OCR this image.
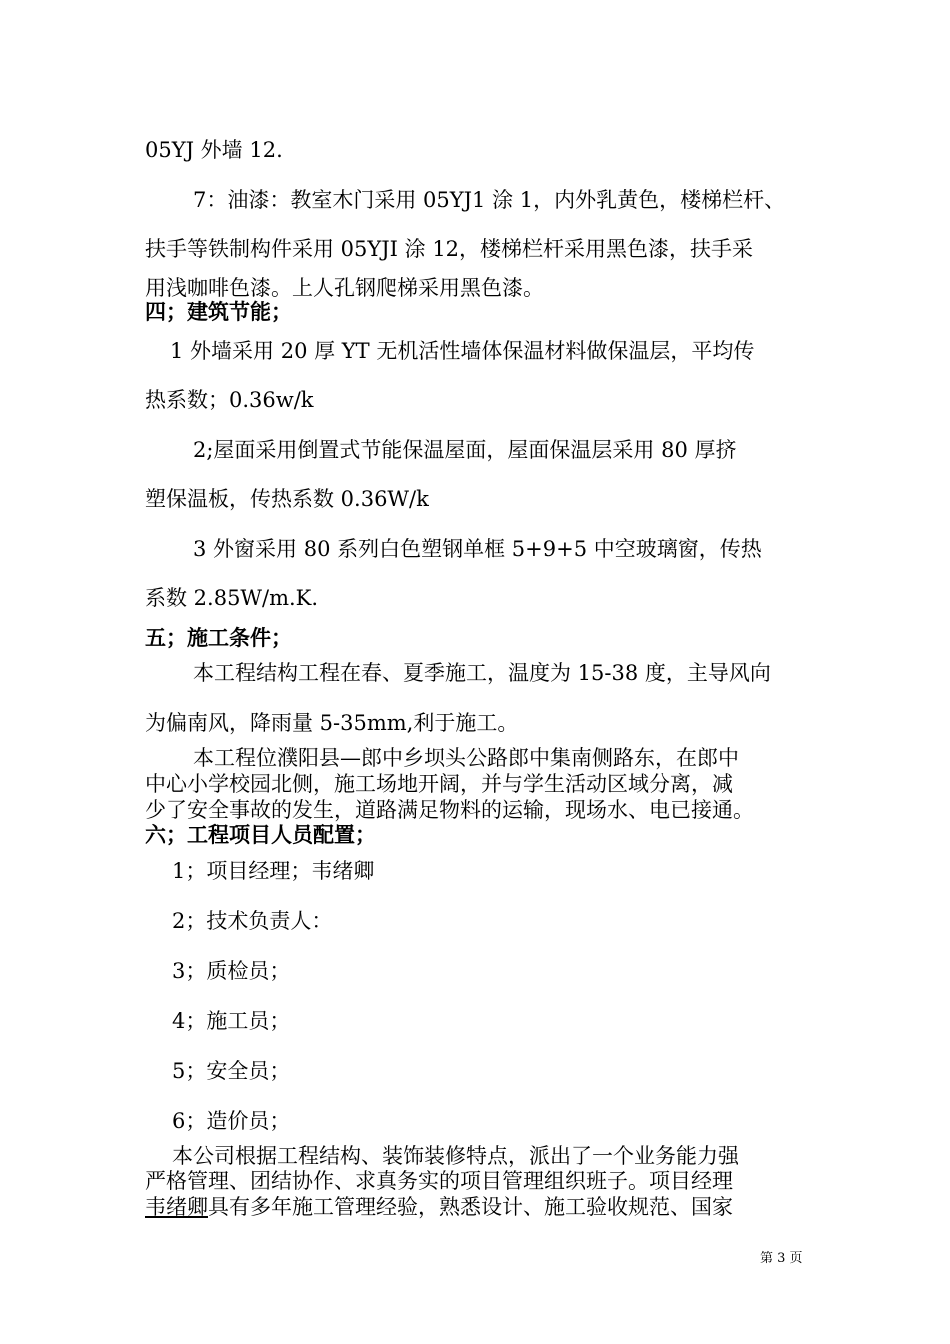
05YJ 外墙 12.
7：油漆：教室木门采用 05YJ1 涂 1，内外乳黄色，楼梯栏杆、
扶手等铁制构件采用 05YJI 涂 12，楼梯栏杆采用黑色漆，扶手采
用浅咖啡色漆。上人孔钢爬梯采用黑色漆。
四；建筑节能；
1 外墙采用 20 厚 YT 无机活性墙体保温材料做保温层，平均传
热系数；0.36w/k
2;屋面采用倒置式节能保温屋面，屋面保温层采用 80 厚挤
塑保温板，传热系数 0.36W/k
3 外窗采用 80 系列白色塑钢单框 5+9+5 中空玻璃窗，传热
系数 2.85W/m.K.
五；施工条件；
本工程结构工程在春、夏季施工，温度为 15-38 度，主导风向
为偏南风，降雨量 5-35mm,利于施工。
本工程位濮阳县—郎中乡坝头公路郎中集南侧路东，在郎中
中心小学校园北侧，施工场地开阔，并与学生活动区域分离，减
少了安全事故的发生，道路满足物料的运输，现场水、电已接通。
六；工程项目人员配置；
1；项目经理；韦绪卿
2；技术负责人：
3；质检员；
4；施工员；
5；安全员；
6；造价员；
本公司根据工程结构、装饰装修特点，派出了一个业务能力强
严格管理、团结协作、求真务实的项目管理组织班子。项目经理
韦绪卿具有多年施工管理经验，熟悉设计、施工验收规范、国家
第 3 页
